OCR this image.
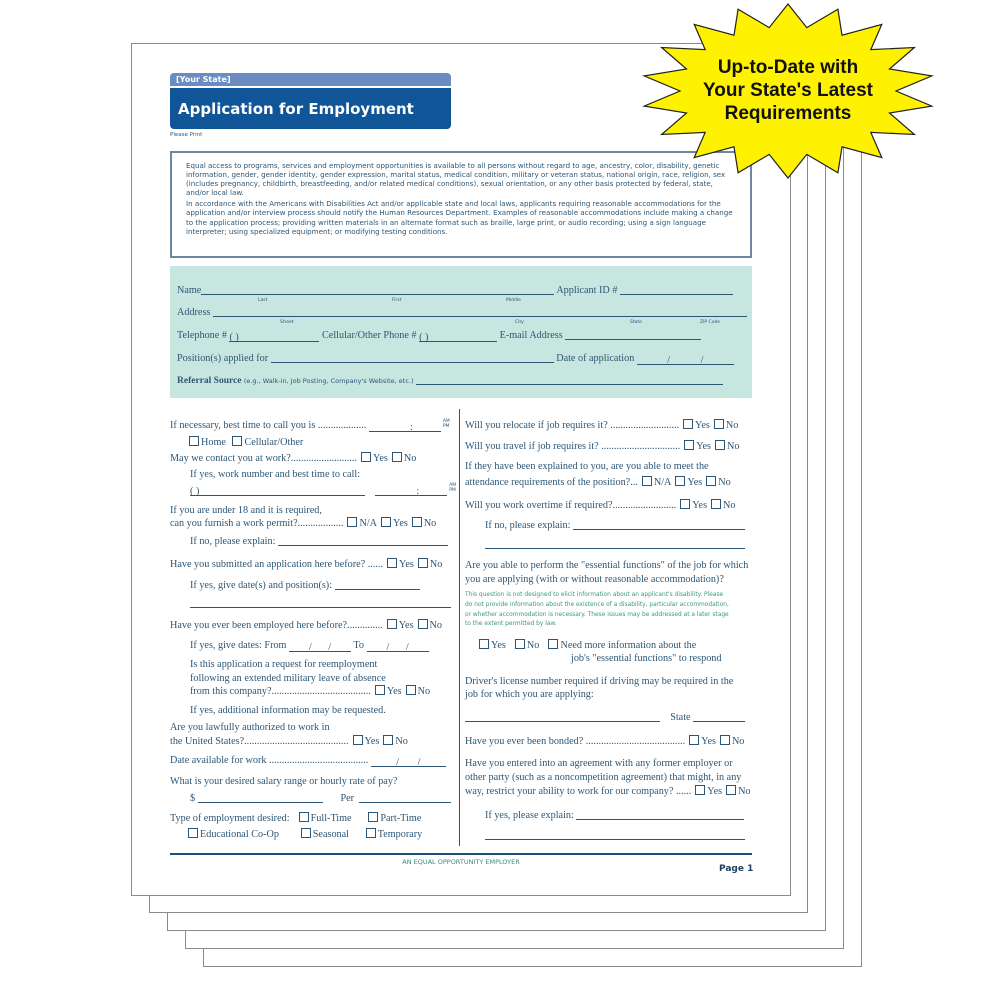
[Your State]
Application for Employment
Please Print

Equal access to programs, services and employment opportunities is available to all persons without regard to age, ancestry, color, disability, genetic information, gender, gender identity, gender expression, marital status, medical condition, military or veteran status, national origin, race, religion, sex (includes pregnancy, childbirth, breastfeeding, and/or related medical conditions), sexual orientation, or any other basis protected by federal, state, and/or local law.

In accordance with the Americans with Disabilities Act and/or applicable state and local laws, applicants requiring reasonable accommodations for the application and/or interview process should notify the Human Resources Department. Examples of reasonable accommodations include making a change to the application process; providing written materials in an alternate format such as braille, large print, or audio recording; using a sign language interpreter; using specialized equipment; or modifying testing conditions.

Name	Applicant ID #
Last	First	Middle
Address
Street	City	State	ZIP Code
Telephone # ( )	Cellular/Other Phone # ( )	E-mail Address
Position(s) applied for	Date of application	/	/
Referral Source (e.g., Walk-in, Job Posting, Company's Website, etc.)
If necessary, best time to call you is ...................	:AM
PM
Home Cellular/Other
May we contact you at work?.......................... Yes No
If yes, work number and best time to call:
( )	:AM
PM
If you are under 18 and it is required,
can you furnish a work permit?.................. N/A Yes No
If no, please explain:
Have you submitted an application here before? ...... Yes No
If yes, give date(s) and position(s):
Have you ever been employed here before?.............. Yes No
If yes, give dates: From / / To / /
Is this application a request for reemployment
following an extended military leave of absence
from this company?....................................... Yes No
If yes, additional information may be requested.
Are you lawfully authorized to work in
the United States?......................................... Yes No
Date available for work .......................................	/ /
What is your desired salary range or hourly rate of pay?
$	Per
Type of employment desired: Full-Time	Part-Time
Educational Co-Op	Seasonal	Temporary
Will you relocate if job requires it? ........................... Yes No
Will you travel if job requires it? ............................... Yes No
If they have been explained to you, are you able to meet the
attendance requirements of the position?... N/A Yes No
Will you work overtime if required?......................... Yes No
If no, please explain:
Are you able to perform the "essential functions" of the job for which
you are applying (with or without reasonable accommodation)?
This question is not designed to elicit information about an applicant's disability. Please
do not provide information about the existence of a disability, particular accommodation,
or whether accommodation is necessary. These issues may be addressed at a later stage
to the extent permitted by law.
Yes No Need more information about the
job's "essential functions" to respond
Driver's license number required if driving may be required in the
job for which you are applying:
State
Have you ever been bonded? ....................................... Yes No
Have you entered into an agreement with any former employer or
other party (such as a noncompetition agreement) that might, in any
way, restrict your ability to work for our company? ...... Yes No
If yes, please explain:
AN EQUAL OPPORTUNITY EMPLOYER
Page 1
Up-to-Date with
Your State's Latest
Requirements
